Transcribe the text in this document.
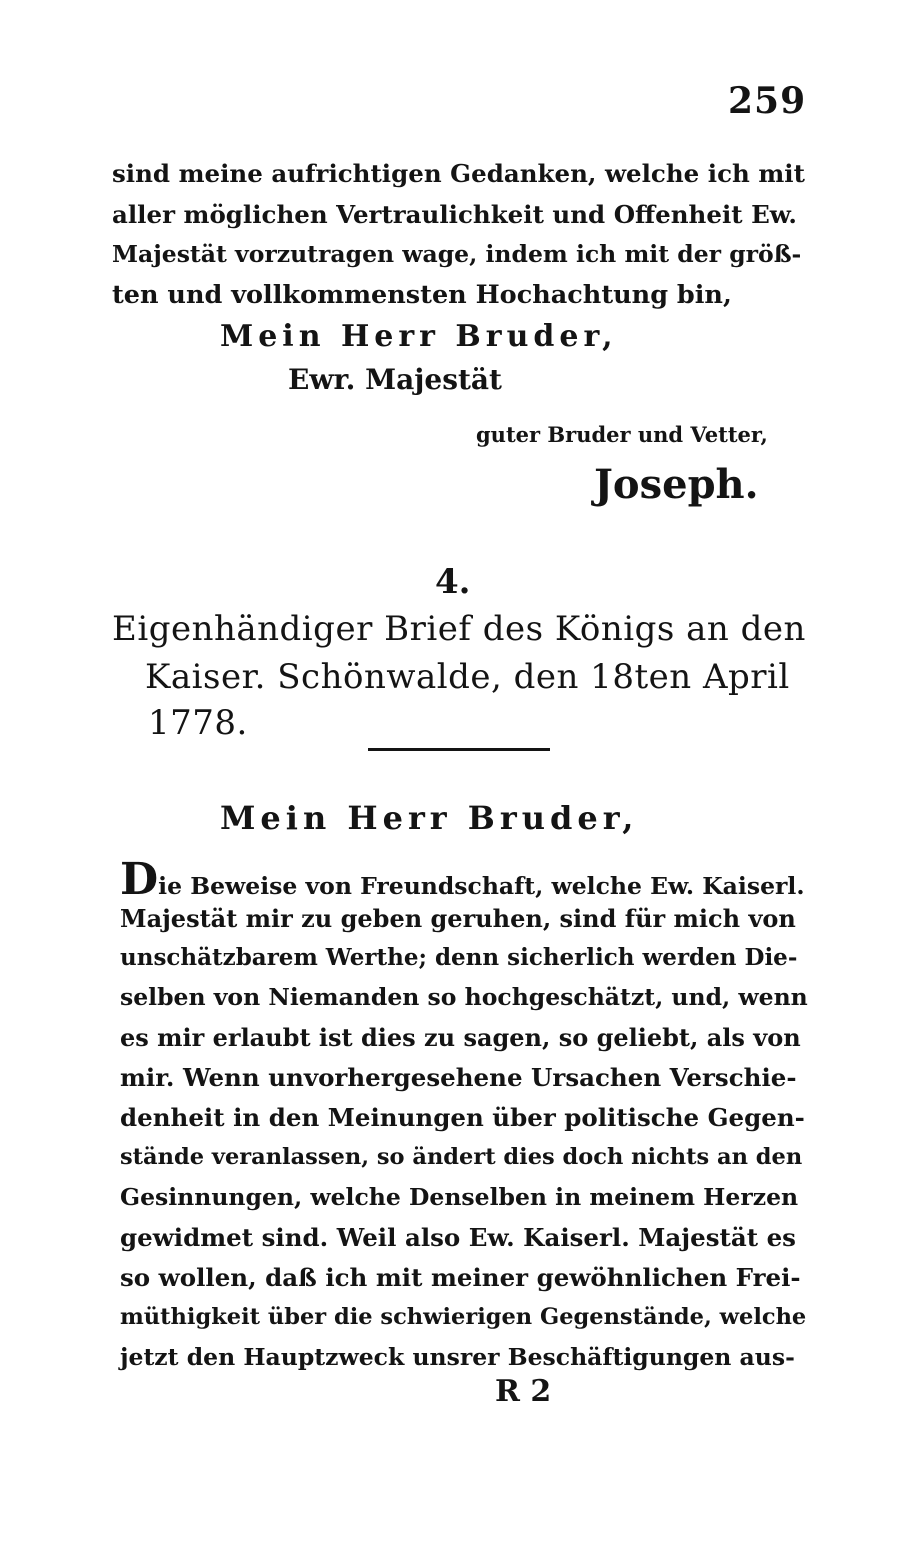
259
sind meine aufrichtigen Gedanken, welche ich mit
aller möglichen Vertraulichkeit und Offenheit Ew.
Majestät vorzutragen wage, indem ich mit der größ-
ten und vollkommensten Hochachtung bin,
Mein Herr Bruder,
Ewr. Majestät
guter Bruder und Vetter,
Joseph.
4.
Eigenhändiger Brief des Königs an den
Kaiser. Schönwalde, den 18ten April
1778.
Mein Herr Bruder,
Die Beweise von Freundschaft, welche Ew. Kaiserl.
Majestät mir zu geben geruhen, sind für mich von
unschätzbarem Werthe; denn sicherlich werden Die-
selben von Niemanden so hochgeschätzt, und, wenn
es mir erlaubt ist dies zu sagen, so geliebt, als von
mir. Wenn unvorhergesehene Ursachen Verschie-
denheit in den Meinungen über politische Gegen-
stände veranlassen, so ändert dies doch nichts an den
Gesinnungen, welche Denselben in meinem Herzen
gewidmet sind. Weil also Ew. Kaiserl. Majestät es
so wollen, daß ich mit meiner gewöhnlichen Frei-
müthigkeit über die schwierigen Gegenstände, welche
jetzt den Hauptzweck unsrer Beschäftigungen aus-
R 2
